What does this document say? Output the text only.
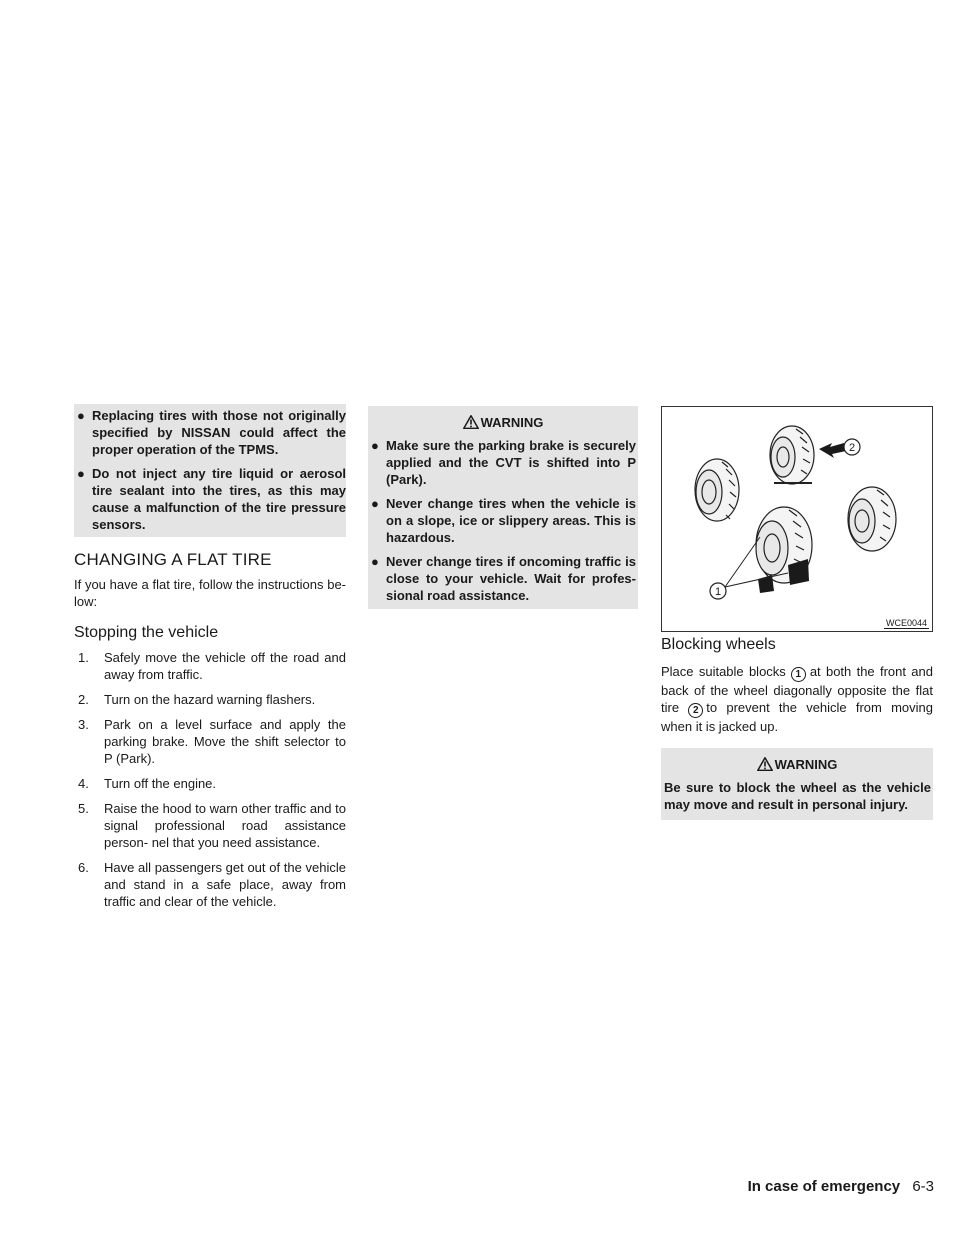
● Replacing tires with those not originally specified by NISSAN could affect the proper operation of the TPMS.
● Do not inject any tire liquid or aerosol tire sealant into the tires, as this may cause a malfunction of the tire pressure sensors.
CHANGING A FLAT TIRE

If you have a flat tire, follow the instructions be- low:

Stopping the vehicle
1. Safely move the vehicle off the road and away from traffic.
2. Turn on the hazard warning flashers.
3. Park on a level surface and apply the parking brake. Move the shift selector to P (Park).
4. Turn off the engine.
5. Raise the hood to warn other traffic and to signal professional road assistance person- nel that you need assistance.
6. Have all passengers get out of the vehicle and stand in a safe place, away from traffic and clear of the vehicle.
WARNING
● Make sure the parking brake is securely applied and the CVT is shifted into P (Park).
● Never change tires when the vehicle is on a slope, ice or slippery areas. This is hazardous.
● Never change tires if oncoming traffic is close to your vehicle. Wait for profes- sional road assistance.
2
1
WCE0044
Blocking wheels

Place suitable blocks 1 at both the front and back of the wheel diagonally opposite the flat tire 2 to prevent the vehicle from moving when it is jacked up.

WARNING

Be sure to block the wheel as the vehicle may move and result in personal injury.

In case of emergency 6-3
